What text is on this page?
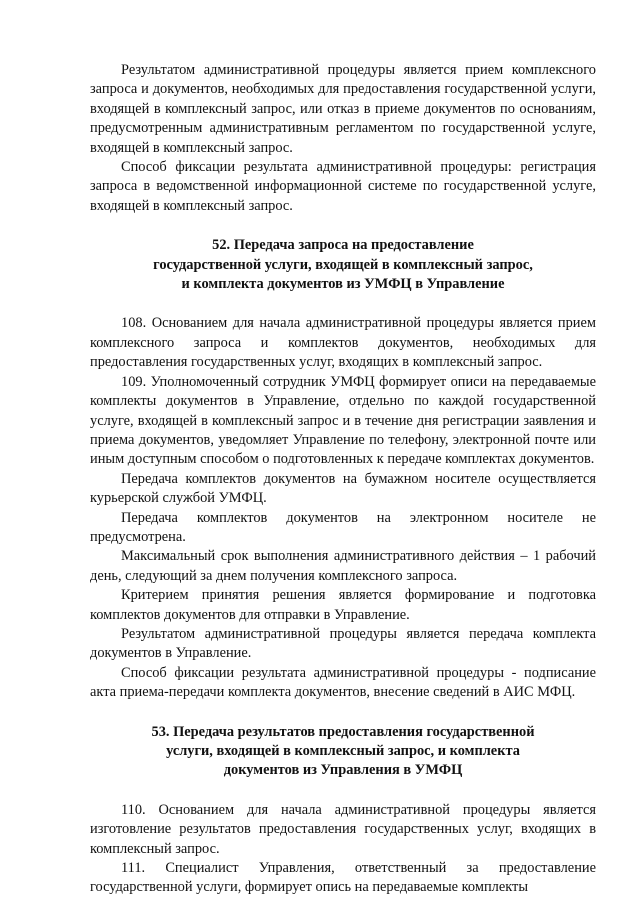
Результатом административной процедуры является прием комплексного запроса и документов, необходимых для предоставления государственной услуги, входящей в комплексный запрос, или отказ в приеме документов по основаниям, предусмотренным административным регламентом по государственной услуге, входящей в комплексный запрос.

Способ фиксации результата административной процедуры: регистрация запроса в ведомственной информационной системе по государственной услуге, входящей в комплексный запрос.

52. Передача запроса на предоставление
государственной услуги, входящей в комплексный запрос,
и комплекта документов из УМФЦ в Управление

108. Основанием для начала административной процедуры является прием комплексного запроса и комплектов документов, необходимых для предоставления государственных услуг, входящих в комплексный запрос.

109. Уполномоченный сотрудник УМФЦ формирует описи на передаваемые комплекты документов в Управление, отдельно по каждой государственной услуге, входящей в комплексный запрос и в течение дня регистрации заявления и приема документов, уведомляет Управление по телефону, электронной почте или иным доступным способом о подготовленных к передаче комплектах документов.

Передача комплектов документов на бумажном носителе осуществляется курьерской службой УМФЦ.

Передача комплектов документов на электронном носителе не предусмотрена.

Максимальный срок выполнения административного действия – 1 рабочий день, следующий за днем получения комплексного запроса.

Критерием принятия решения является формирование и подготовка комплектов документов для отправки в Управление.

Результатом административной процедуры является передача комплекта документов в Управление.

Способ фиксации результата административной процедуры - подписание акта приема-передачи комплекта документов, внесение сведений в АИС МФЦ.

53. Передача результатов предоставления государственной
услуги, входящей в комплексный запрос, и комплекта
документов из Управления в УМФЦ

110. Основанием для начала административной процедуры является изготовление результатов предоставления государственных услуг, входящих в комплексный запрос.

111. Специалист Управления, ответственный за предоставление государственной услуги, формирует опись на передаваемые комплекты
